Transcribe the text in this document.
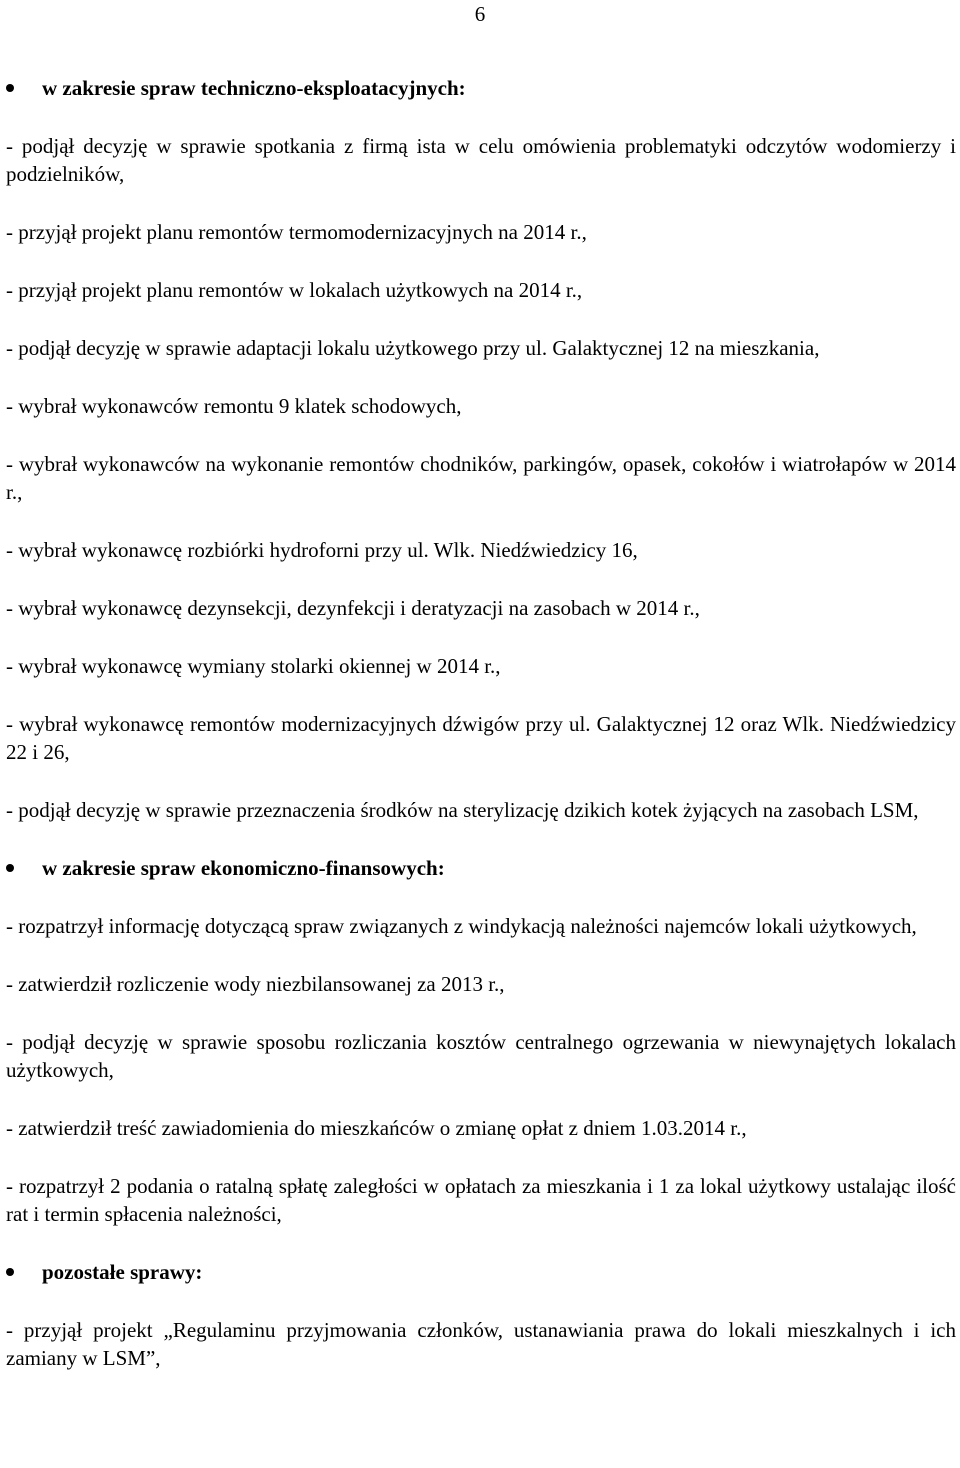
6
w zakresie spraw techniczno-eksploatacyjnych:

- podjął decyzję w sprawie spotkania z firmą ista w celu omówienia problematyki odczytów wodomierzy i podzielników,

- przyjął projekt planu remontów termomodernizacyjnych na 2014 r.,

- przyjął projekt planu remontów w lokalach użytkowych na 2014 r.,

- podjął decyzję w sprawie adaptacji lokalu użytkowego przy ul. Galaktycznej 12 na mieszkania,

- wybrał wykonawców remontu 9 klatek schodowych,

- wybrał wykonawców na wykonanie remontów chodników, parkingów, opasek, cokołów i wiatrołapów w 2014 r.,

- wybrał wykonawcę rozbiórki hydroforni przy ul. Wlk. Niedźwiedzicy 16,

- wybrał wykonawcę dezynsekcji, dezynfekcji i deratyzacji na zasobach w 2014 r.,

- wybrał wykonawcę wymiany stolarki okiennej w 2014 r.,

- wybrał wykonawcę remontów modernizacyjnych dźwigów przy ul. Galaktycznej 12 oraz Wlk. Niedźwiedzicy 22 i 26,

- podjął decyzję w sprawie przeznaczenia środków na sterylizację dzikich kotek żyjących na zasobach LSM,

w zakresie spraw ekonomiczno-finansowych:

- rozpatrzył informację dotyczącą spraw związanych z windykacją należności najemców lokali użytkowych,

- zatwierdził rozliczenie wody niezbilansowanej za 2013 r.,

- podjął decyzję w sprawie sposobu rozliczania kosztów centralnego ogrzewania w niewynajętych lokalach użytkowych,

- zatwierdził treść zawiadomienia do mieszkańców o zmianę opłat z dniem 1.03.2014 r.,

- rozpatrzył 2 podania o ratalną spłatę zaległości w opłatach za mieszkania i 1 za lokal użytkowy ustalając ilość rat i termin spłacenia należności,

pozostałe sprawy:

- przyjął projekt „Regulaminu przyjmowania członków, ustanawiania prawa do lokali mieszkalnych i ich zamiany w LSM”,
